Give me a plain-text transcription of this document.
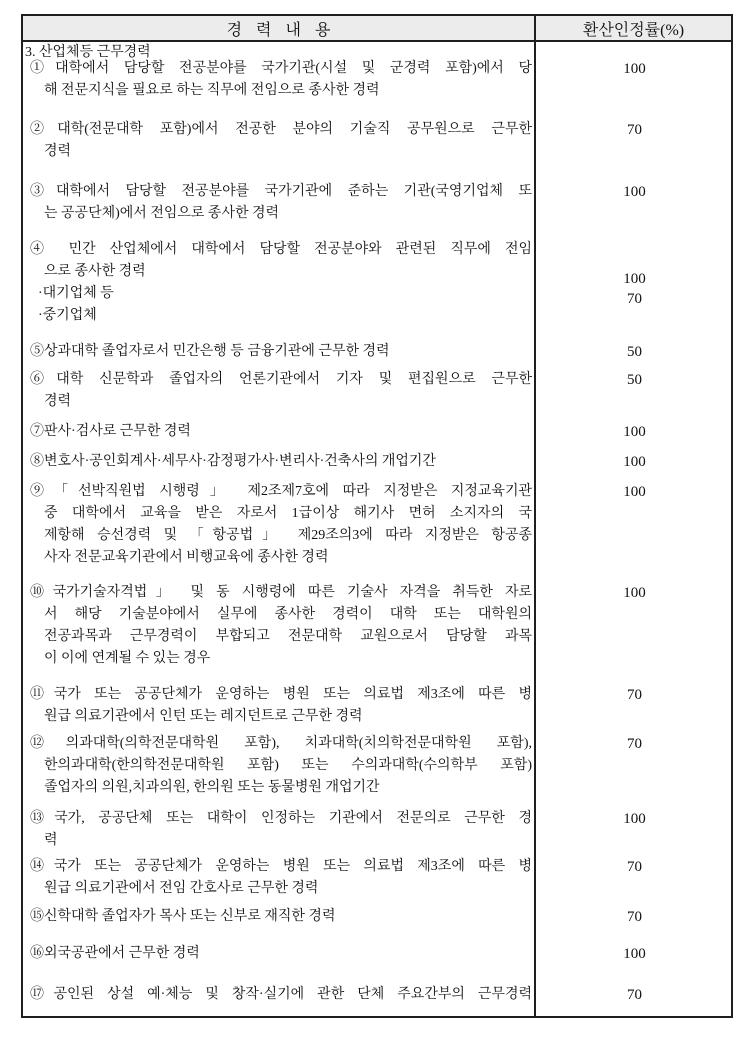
경 력 내 용	환산인정률(%)
3. 산업체등 근무경력
①대학에서 담당할 전공분야를 국가기관(시설 및 군경력 포함)에서 당
해 전문지식을 필요로 하는 직무에 전임으로 종사한 경력
100
②대학(전문대학 포함)에서 전공한 분야의 기술직 공무원으로 근무한
경력
70
③대학에서 담당할 전공분야를 국가기관에 준하는 기관(국영기업체 또
는 공공단체)에서 전임으로 종사한 경력
100
④ 민간 산업체에서 대학에서 담당할 전공분야와 관련된 직무에 전임
으로 종사한 경력
·대기업체 등
·중기업체
100
70
⑤상과대학 졸업자로서 민간은행 등 금융기관에 근무한 경력	50
⑥대학 신문학과 졸업자의 언론기관에서 기자 및 편집원으로 근무한
경력
50
⑦판사·검사로 근무한 경력	100
⑧변호사·공인회계사·세무사·감정평가사·변리사·건축사의 개업기간	100
⑨「선박직원법 시행령」 제2조제7호에 따라 지정받은 지정교육기관
중 대학에서 교육을 받은 자로서 1급이상 해기사 면허 소지자의 국
제항해 승선경력 및 「항공법」 제29조의3에 따라 지정받은 항공종
사자 전문교육기관에서 비행교육에 종사한 경력
100
⑩국가기술자격법」 및 동 시행령에 따른 기술사 자격을 취득한 자로
서 해당 기술분야에서 실무에 종사한 경력이 대학 또는 대학원의
전공과목과 근무경력이 부합되고 전문대학 교원으로서 담당할 과목
이 이에 연계될 수 있는 경우
100
⑪국가 또는 공공단체가 운영하는 병원 또는 의료법 제3조에 따른 병
원급 의료기관에서 인턴 또는 레지던트로 근무한 경력
70
⑫의과대학(의학전문대학원 포함), 치과대학(치의학전문대학원 포함),
한의과대학(한의학전문대학원 포함) 또는 수의과대학(수의학부 포함)
졸업자의 의원,치과의원, 한의원 또는 동물병원 개업기간
70
⑬국가, 공공단체 또는 대학이 인정하는 기관에서 전문의로 근무한 경
력
100
⑭국가 또는 공공단체가 운영하는 병원 또는 의료법 제3조에 따른 병
원급 의료기관에서 전임 간호사로 근무한 경력
70
⑮신학대학 졸업자가 목사 또는 신부로 재직한 경력	70
⑯외국공관에서 근무한 경력	100
⑰공인된 상설 예·체능 및 창작·실기에 관한 단체 주요간부의 근무경력	70
